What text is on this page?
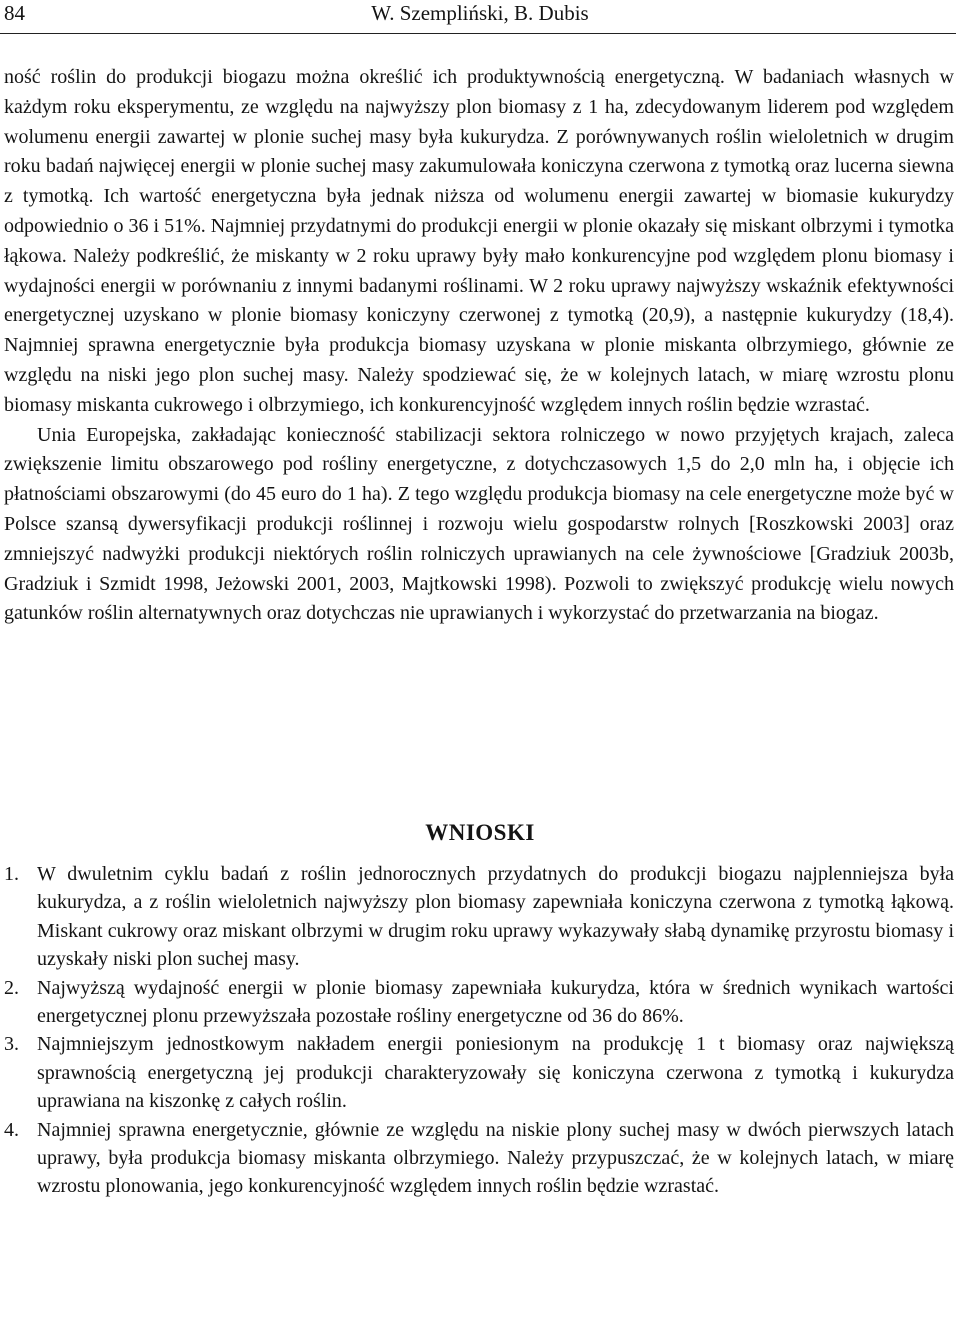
84	W. Szempliński, B. Dubis

ność roślin do produkcji biogazu można określić ich produktywnością energetyczną. W badaniach własnych w każdym roku eksperymentu, ze względu na najwyższy plon biomasy z 1 ha, zdecydowanym liderem pod względem wolumenu energii zawartej w plonie suchej masy była kukurydza. Z porównywanych roślin wieloletnich w drugim roku badań najwięcej energii w plonie suchej masy zakumulowała koniczyna czerwona z tymotką oraz lucerna siewna z tymotką. Ich wartość energetyczna była jednak niższa od wolumenu energii zawartej w biomasie kukurydzy odpowiednio o 36 i 51%. Najmniej przydatnymi do produkcji energii w plonie okazały się miskant olbrzymi i tymotka łąkowa. Należy podkreślić, że miskanty w 2 roku uprawy były mało konkurencyjne pod względem plonu biomasy i wydajności energii w porównaniu z innymi badanymi roślinami. W 2 roku uprawy najwyższy wskaźnik efektywności energetycznej uzyskano w plonie biomasy koniczyny czerwonej z tymotką (20,9), a następnie kukurydzy (18,4). Najmniej sprawna energetycznie była produkcja biomasy uzyskana w plonie miskanta olbrzymiego, głównie ze względu na niski jego plon suchej masy. Należy spodziewać się, że w kolejnych latach, w miarę wzrostu plonu biomasy miskanta cukrowego i olbrzymiego, ich konkurencyjność względem innych roślin będzie wzrastać.

Unia Europejska, zakładając konieczność stabilizacji sektora rolniczego w nowo przyjętych krajach, zaleca zwiększenie limitu obszarowego pod rośliny energetyczne, z dotychczasowych 1,5 do 2,0 mln ha, i objęcie ich płatnościami obszarowymi (do 45 euro do 1 ha). Z tego względu produkcja biomasy na cele energetyczne może być w Polsce szansą dywersyfikacji produkcji roślinnej i rozwoju wielu gospodarstw rolnych [Roszkowski 2003] oraz zmniejszyć nadwyżki produkcji niektórych roślin rolniczych uprawianych na cele żywnościowe [Gradziuk 2003b, Gradziuk i Szmidt 1998, Jeżowski 2001, 2003, Majtkowski 1998). Pozwoli to zwiększyć produkcję wielu nowych gatunków roślin alternatywnych oraz dotychczas nie uprawianych i wykorzystać do przetwarzania na biogaz.

WNIOSKI
1. W dwuletnim cyklu badań z roślin jednorocznych przydatnych do produkcji biogazu najplenniejsza była kukurydza, a z roślin wieloletnich najwyższy plon biomasy zapewniała koniczyna czerwona z tymotką łąkową. Miskant cukrowy oraz miskant olbrzymi w drugim roku uprawy wykazywały słabą dynamikę przyrostu biomasy i uzyskały niski plon suchej masy.
2. Najwyższą wydajność energii w plonie biomasy zapewniała kukurydza, która w średnich wynikach wartości energetycznej plonu przewyższała pozostałe rośliny energetyczne od 36 do 86%.
3. Najmniejszym jednostkowym nakładem energii poniesionym na produkcję 1 t biomasy oraz największą sprawnością energetyczną jej produkcji charakteryzowały się koniczyna czerwona z tymotką i kukurydza uprawiana na kiszonkę z całych roślin.
4. Najmniej sprawna energetycznie, głównie ze względu na niskie plony suchej masy w dwóch pierwszych latach uprawy, była produkcja biomasy miskanta olbrzymiego. Należy przypuszczać, że w kolejnych latach, w miarę wzrostu plonowania, jego konkurencyjność względem innych roślin będzie wzrastać.
